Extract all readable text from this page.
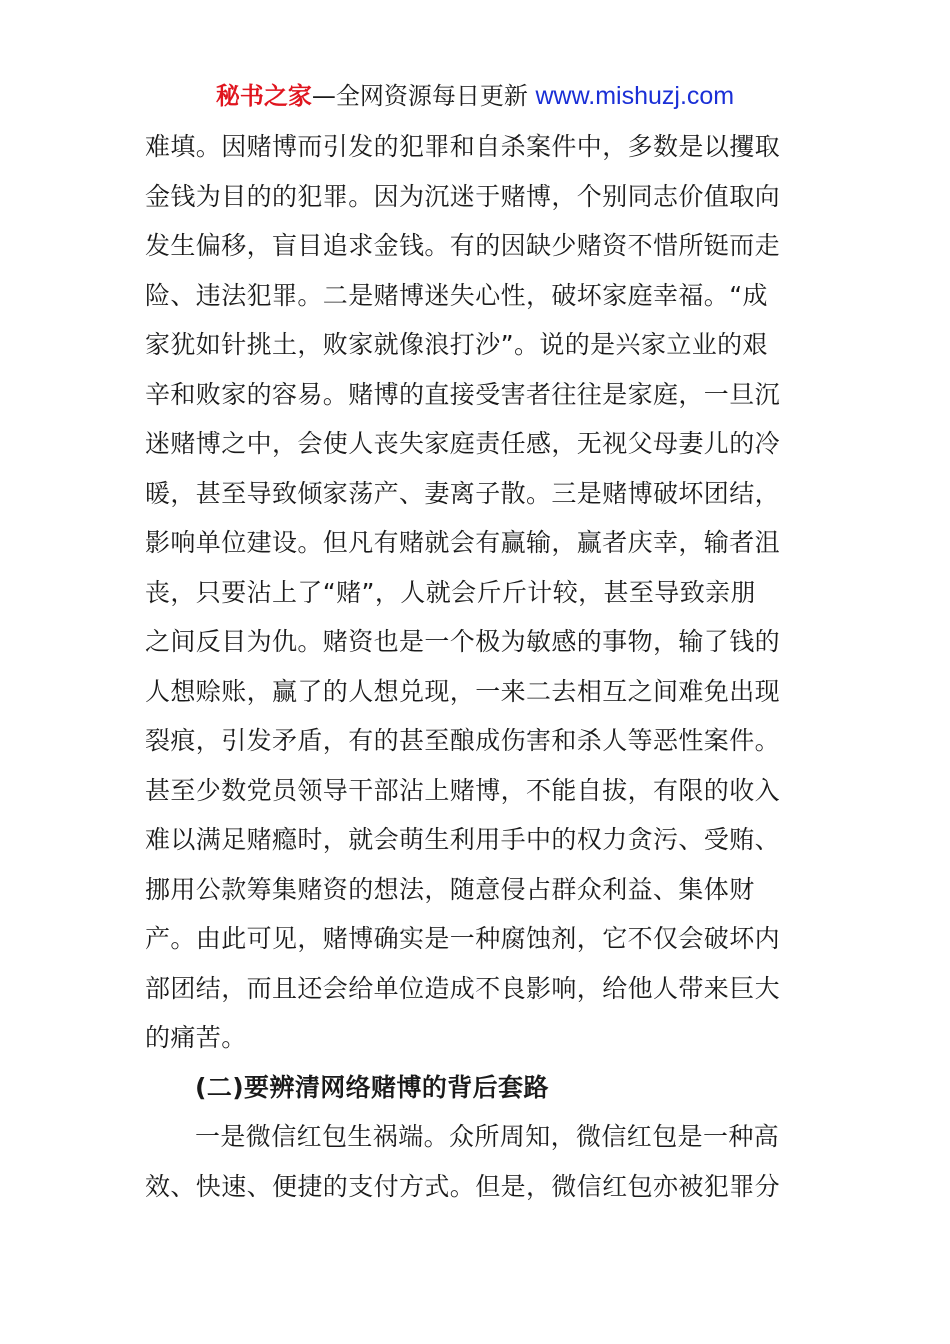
秘书之家—全网资源每日更新 www.mishuzj.com
难填。因赌博而引发的犯罪和自杀案件中，多数是以攫取
金钱为目的的犯罪。因为沉迷于赌博，个别同志价值取向
发生偏移，盲目追求金钱。有的因缺少赌资不惜所铤而走
险、违法犯罪。二是赌博迷失心性，破坏家庭幸福。“成
家犹如针挑土，败家就像浪打沙”。说的是兴家立业的艰
辛和败家的容易。赌博的直接受害者往往是家庭，一旦沉
迷赌博之中，会使人丧失家庭责任感，无视父母妻儿的冷
暖，甚至导致倾家荡产、妻离子散。三是赌博破坏团结，
影响单位建设。但凡有赌就会有赢输，赢者庆幸，输者沮
丧，只要沾上了“赌”，人就会斤斤计较，甚至导致亲朋
之间反目为仇。赌资也是一个极为敏感的事物，输了钱的
人想赊账，赢了的人想兑现，一来二去相互之间难免出现
裂痕，引发矛盾，有的甚至酿成伤害和杀人等恶性案件。
甚至少数党员领导干部沾上赌博，不能自拔，有限的收入
难以满足赌瘾时，就会萌生利用手中的权力贪污、受贿、
挪用公款筹集赌资的想法，随意侵占群众利益、集体财
产。由此可见，赌博确实是一种腐蚀剂，它不仅会破坏内
部团结，而且还会给单位造成不良影响，给他人带来巨大
的痛苦。
(二)要辨清网络赌博的背后套路
一是微信红包生祸端。众所周知，微信红包是一种高
效、快速、便捷的支付方式。但是，微信红包亦被犯罪分
